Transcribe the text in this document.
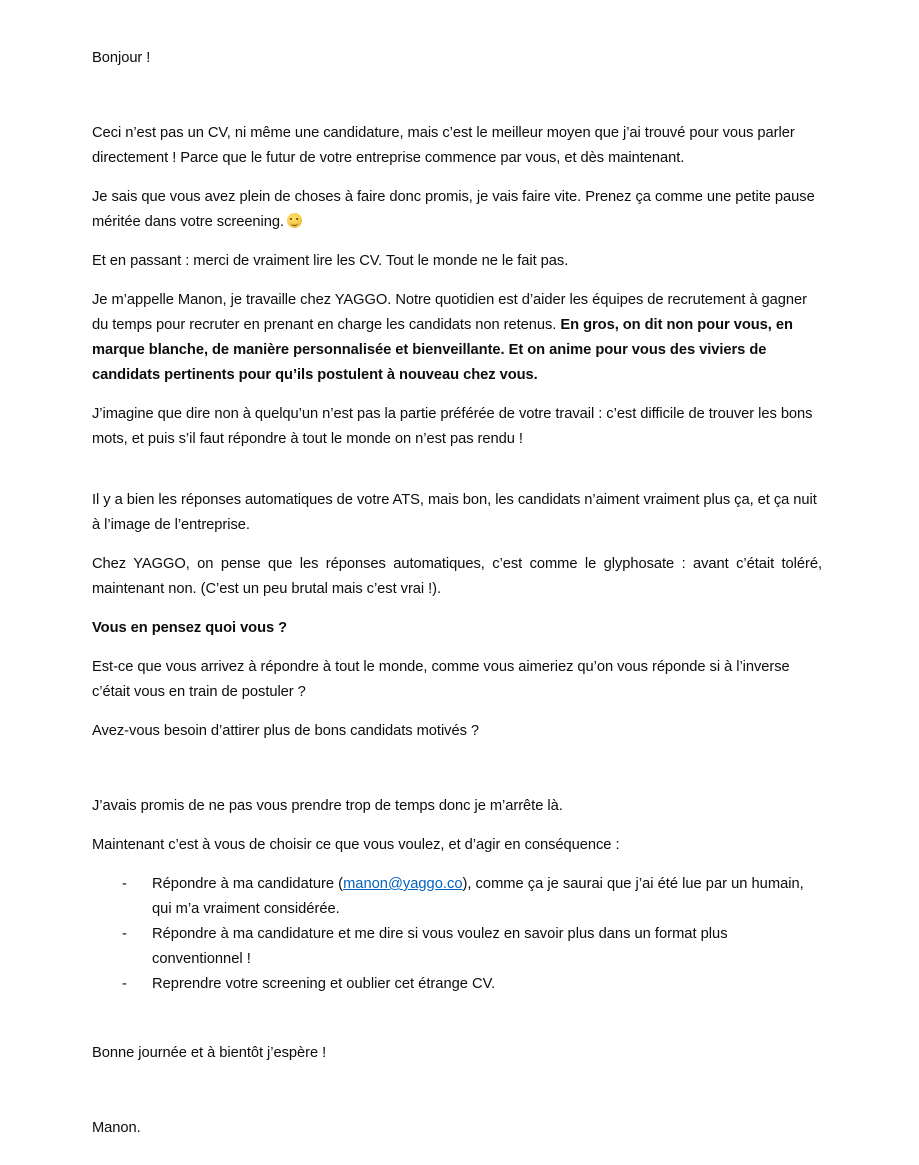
Bonjour !

Ceci n’est pas un CV, ni même une candidature, mais c’est le meilleur moyen que j’ai trouvé pour vous parler directement ! Parce que le futur de votre entreprise commence par vous, et dès maintenant.

Je sais que vous avez plein de choses à faire donc promis, je vais faire vite. Prenez ça comme une petite pause méritée dans votre screening.

Et en passant : merci de vraiment lire les CV. Tout le monde ne le fait pas.

Je m’appelle Manon, je travaille chez YAGGO. Notre quotidien est d’aider les équipes de recrutement à gagner du temps pour recruter en prenant en charge les candidats non retenus. En gros, on dit non pour vous, en marque blanche, de manière personnalisée et bienveillante. Et on anime pour vous des viviers de candidats pertinents pour qu’ils postulent à nouveau chez vous.

J’imagine que dire non à quelqu’un n’est pas la partie préférée de votre travail : c’est difficile de trouver les bons mots, et puis s’il faut répondre à tout le monde on n’est pas rendu !

Il y a bien les réponses automatiques de votre ATS, mais bon, les candidats n’aiment vraiment plus ça, et ça nuit à l’image de l’entreprise.

Chez YAGGO, on pense que les réponses automatiques, c’est comme le glyphosate : avant c’était toléré, maintenant non. (C’est un peu brutal mais c’est vrai !).

Vous en pensez quoi vous ?

Est-ce que vous arrivez à répondre à tout le monde, comme vous aimeriez qu’on vous réponde si à l’inverse c’était vous en train de postuler ?

Avez-vous besoin d’attirer plus de bons candidats motivés ?

J’avais promis de ne pas vous prendre trop de temps donc je m’arrête là.

Maintenant c’est à vous de choisir ce que vous voulez, et d’agir en conséquence :

- Répondre à ma candidature (manon@yaggo.co), comme ça je saurai que j’ai été lue par un humain, qui m’a vraiment considérée.
- Répondre à ma candidature et me dire si vous voulez en savoir plus dans un format plus conventionnel !
- Reprendre votre screening et oublier cet étrange CV.

Bonne journée et à bientôt j’espère !

Manon.
